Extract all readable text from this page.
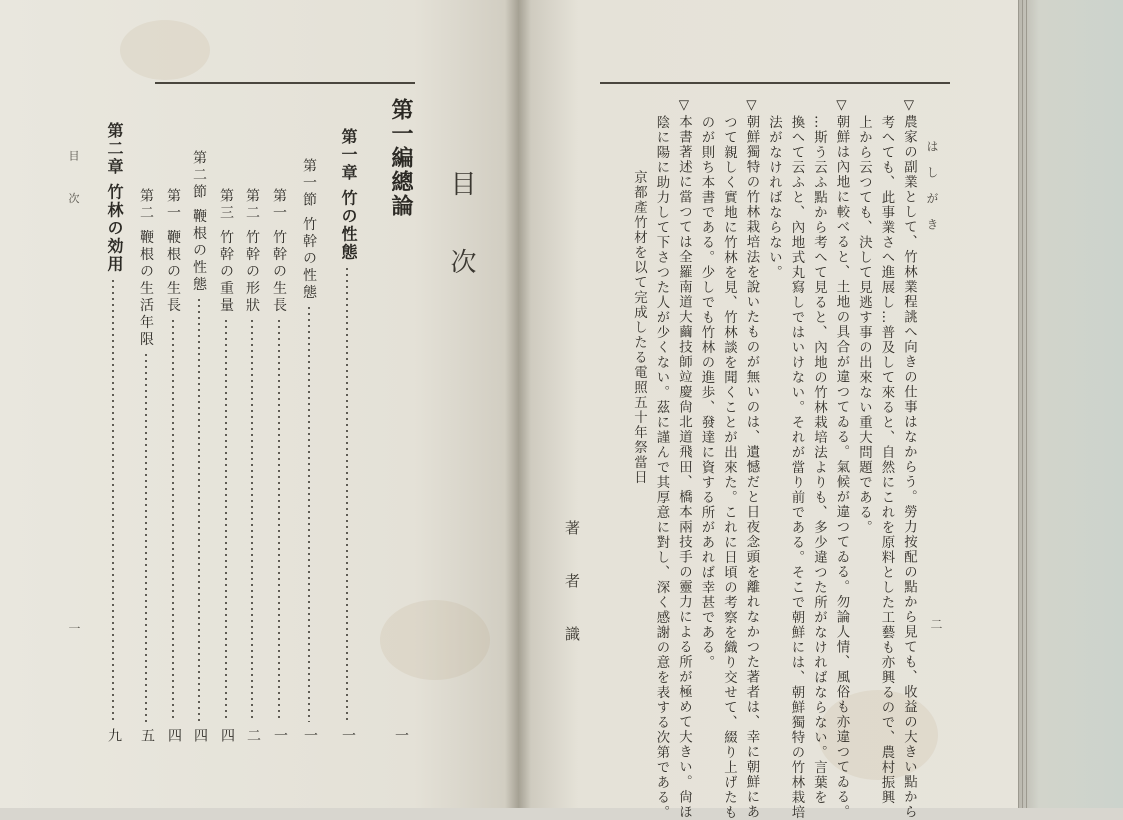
目 次
第一編總論
一
第一章 竹の性態
一
第一節 竹幹の性態
一
第一 竹幹の生長
一
第二 竹幹の形狀
二
第三 竹幹の重量
四
第二節 鞭根の性態
四
第一 鞭根の生長
四
第二 鞭根の生活年限
五
第二章 竹林の効用
九
目 次
一
はしがき
二
▽農家の副業として、竹林業程誂へ向きの仕事はなからう。勞力按配の點から見ても、收益の大きい點から
考へても、此事業さへ進展し…普及して來ると、自然にこれを原料とした工藝も亦興るので、農村振興
上から云つても、決して見逃す事の出來ない重大問題である。
▽朝鮮は內地に較べると、土地の具合が違つてゐる。氣候が違つてゐる。勿論人情、風俗も亦違つてゐる。
…斯う云ふ點から考へて見ると、內地の竹林栽培法よりも、多少違つた所がなければならない。言葉を
換へて云ふと、內地式丸寫しではいけない。それが當り前である。そこで朝鮮には、朝鮮獨特の竹林栽培
法がなければならない。
▽朝鮮獨特の竹林栽培法を說いたものが無いのは、遺憾だと日夜念頭を離れなかつた著者は、幸に朝鮮にあ
つて親しく實地に竹林を見、竹林談を聞くことが出來た。これに日頃の考察を織り交せて、綴り上げたも
のが則ち本書である。少しでも竹林の進歩、發達に資する所があれば幸甚である。
▽本書著述に當つては全羅南道大繭技師竝慶尙北道飛田、橋本兩技手の靈力による所が極めて大きい。尙ほ
陰に陽に助力して下さつた人が少くない。茲に謹んで其厚意に對し、深く感謝の意を表する次第である。
京都產竹材を以て完成したる電照五十年祭當日
著者識
